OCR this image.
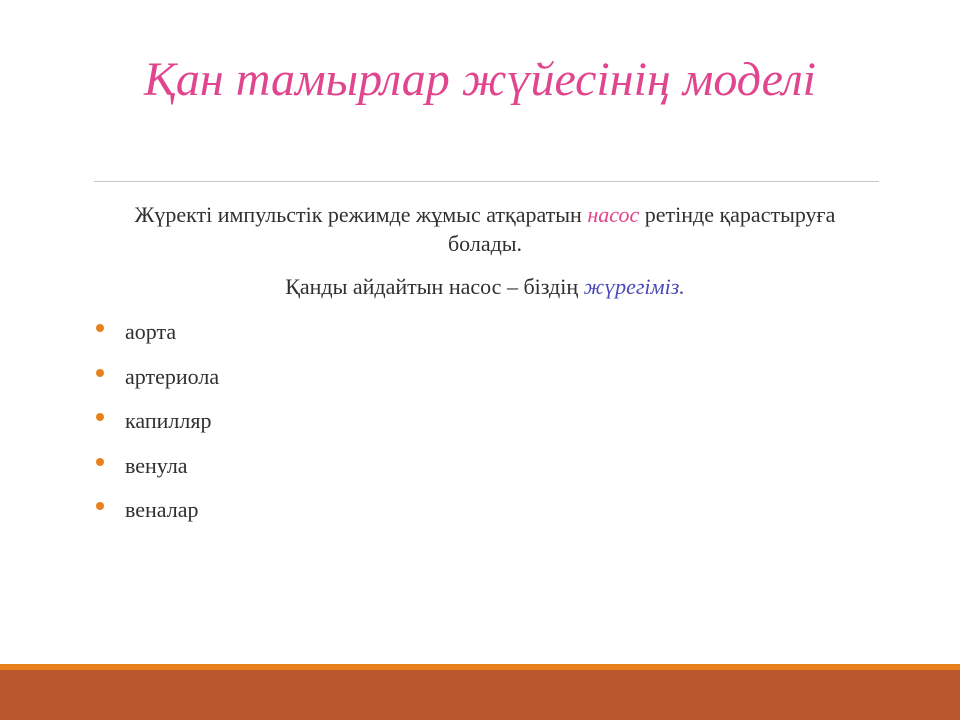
Қан тамырлар жүйесінің моделі
Жүректі импульстік режимде жұмыс атқаратын насос ретінде қарастыруға болады.
Қанды айдайтын насос – біздің жүрегіміз.
аорта
артериола
капилляр
венула
веналар
